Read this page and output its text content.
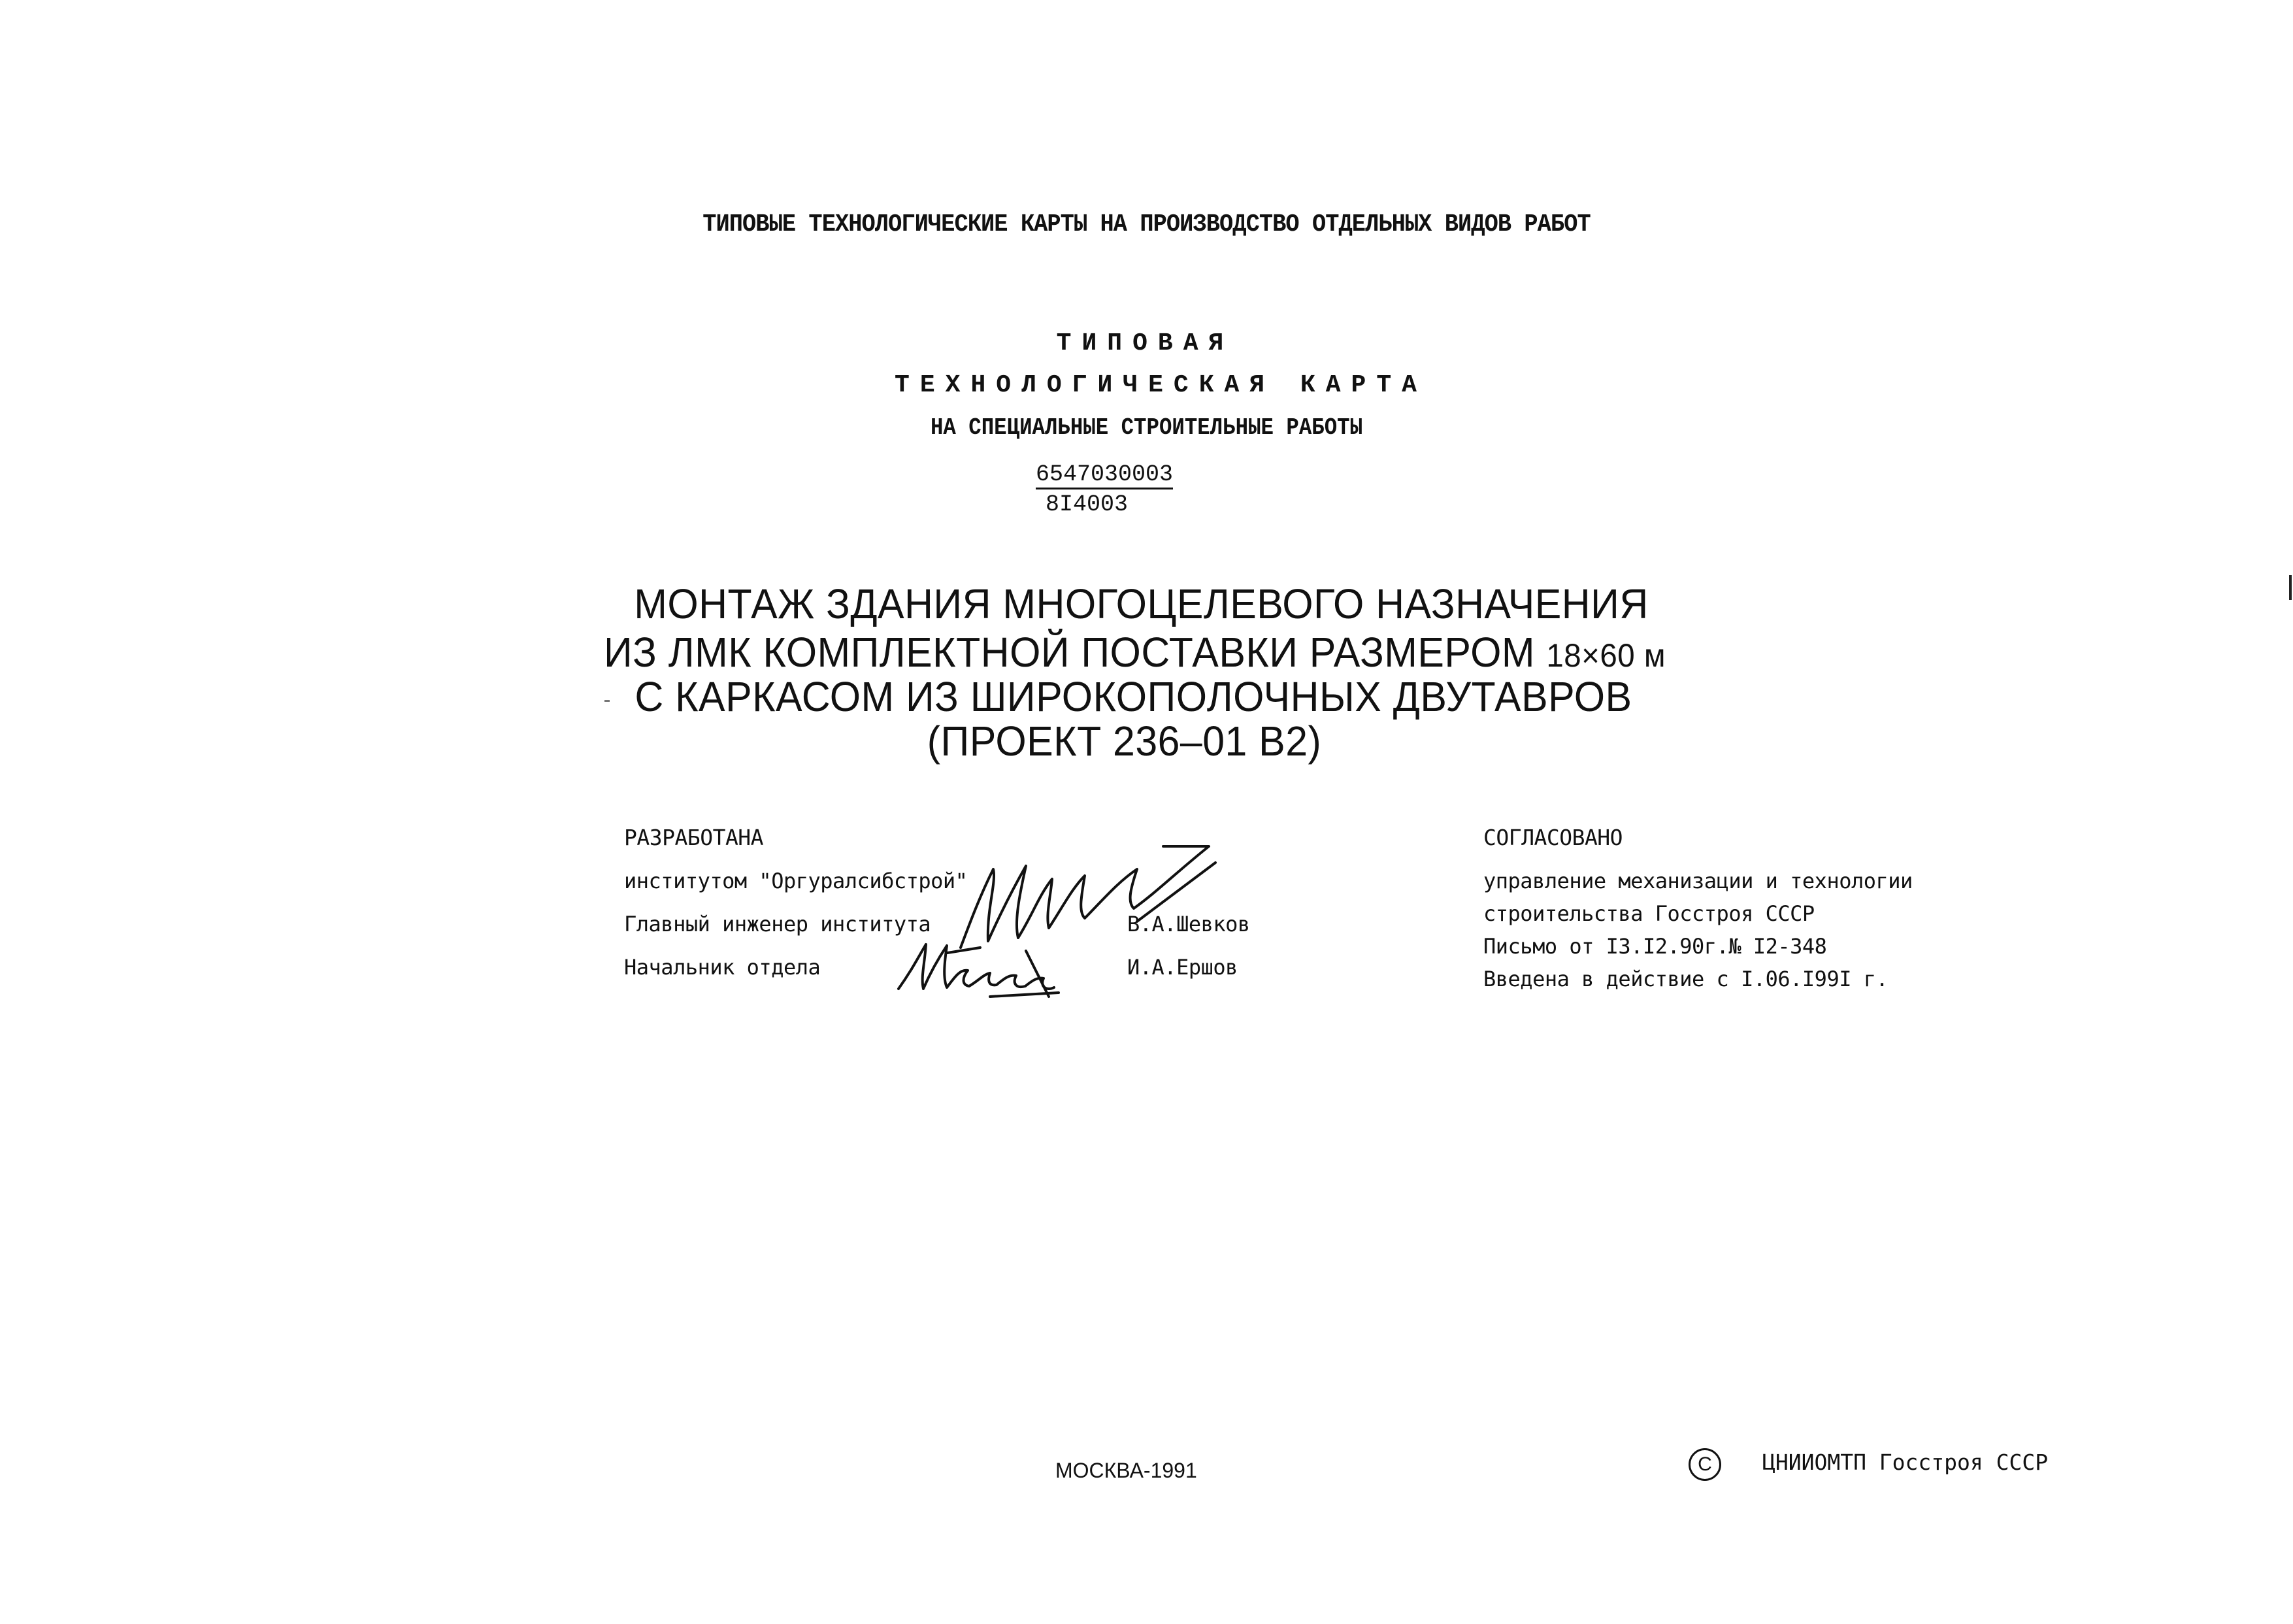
ТИПОВЫЕ ТЕХНОЛОГИЧЕСКИЕ КАРТЫ НА ПРОИЗВОДСТВО ОТДЕЛЬНЫХ ВИДОВ РАБОТ
ТИПОВАЯ
ТЕХНОЛОГИЧЕСКАЯ КАРТА
НА СПЕЦИАЛЬНЫЕ СТРОИТЕЛЬНЫЕ РАБОТЫ
6547030003
8I4003
МОНТАЖ ЗДАНИЯ МНОГОЦЕЛЕВОГО НАЗНАЧЕНИЯ
ИЗ ЛМК КОМПЛЕКТНОЙ ПОСТАВКИ РАЗМЕРОМ 18×60 м
С КАРКАСОМ ИЗ ШИРОКОПОЛОЧНЫХ ДВУТАВРОВ
(ПРОЕКТ 236–01 В2)
РАЗРАБОТАНА
институтом "Оргуралсибстрой"
Главный инженер института
Начальник отдела
В.А.Шевков
И.А.Ершов
СОГЛАСОВАНО
управление механизации и технологии
строительства Госстроя СССР
Письмо от I3.I2.90г.№ I2-348
Введена в действие с I.06.I99I г.
МОСКВА-1991	C	ЦНИИОМТП Госстроя СССР
